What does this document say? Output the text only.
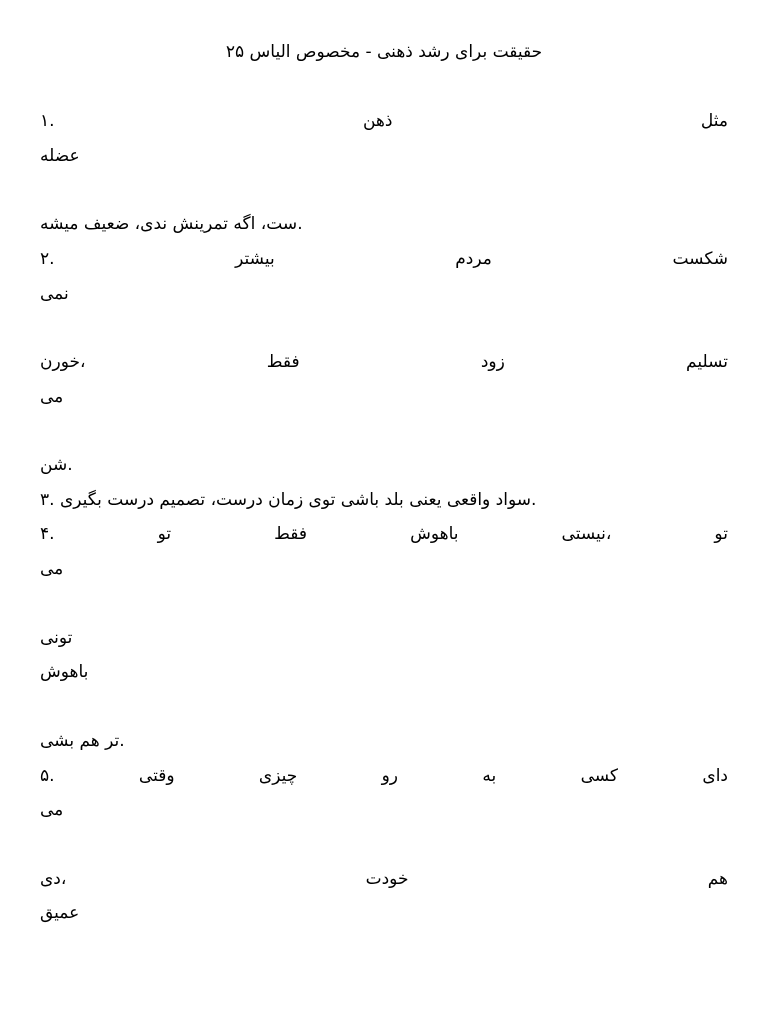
۲۵ حقیقت برای رشد ذهنی - مخصوص الیاس
۱.	ذهن	مثل
عضله
ست، اگه تمرینش ندی، ضعیف میشه.
۲.	بیشتر	مردم	شکست
نمی
خورن،	فقط	زود	تسلیم
می
شن.
۳. سواد واقعی یعنی بلد باشی توی زمان درست، تصمیم درست بگیری.
۴.	تو	فقط	باهوش	نیستی،	تو
می
تونی
باهوش
تر هم بشی.
۵.	وقتی	چیزی	رو	به	کسی	دای
می
دی،	خودت	هم
عمیق
